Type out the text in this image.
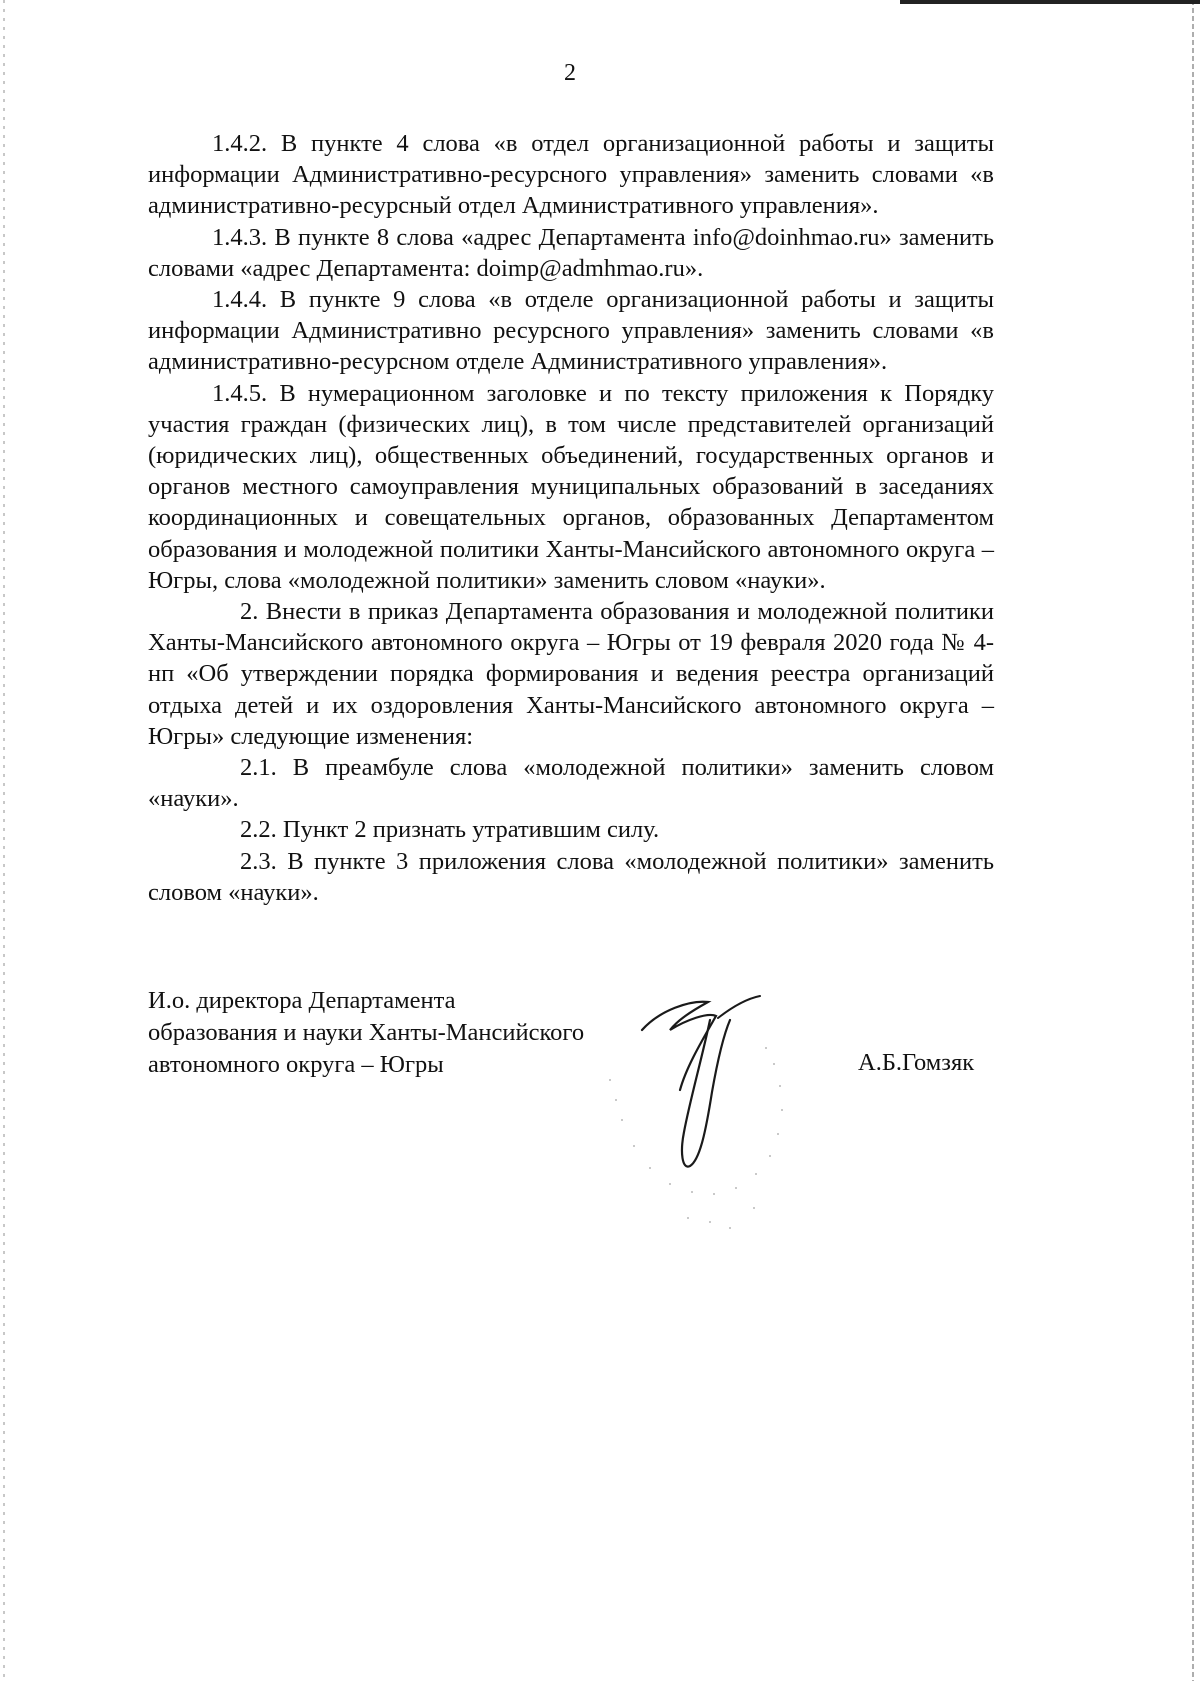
2

1.4.2. В пункте 4 слова «в отдел организационной работы и защиты информации Административно-ресурсного управления» заменить словами «в административно-ресурсный отдел Административного управления».

1.4.3. В пункте 8 слова «адрес Департамента info@doinhmao.ru» заменить словами «адрес Департамента: doimp@admhmao.ru».

1.4.4. В пункте 9 слова «в отделе организационной работы и защиты информации Административно ресурсного управления» заменить словами «в административно-ресурсном отделе Административного управления».

1.4.5. В нумерационном заголовке и по тексту приложения к Порядку участия граждан (физических лиц), в том числе представителей организаций (юридических лиц), общественных объединений, государственных органов и органов местного самоуправления муниципальных образований в заседаниях координационных и совещательных органов, образованных Департаментом образования и молодежной политики Ханты-Мансийского автономного округа – Югры, слова «молодежной политики» заменить словом «науки».

2. Внести в приказ Департамента образования и молодежной политики Ханты-Мансийского автономного округа – Югры от 19 февраля 2020 года № 4-нп «Об утверждении порядка формирования и ведения реестра организаций отдыха детей и их оздоровления Ханты-Мансийского автономного округа – Югры» следующие изменения:

2.1. В преамбуле слова «молодежной политики» заменить словом «науки».

2.2. Пункт 2 признать утратившим силу.

2.3. В пункте 3 приложения слова «молодежной политики» заменить словом «науки».

И.о. директора Департамента
образования и науки Ханты-Мансийского
автономного округа – Югры	А.Б.Гомзяк
